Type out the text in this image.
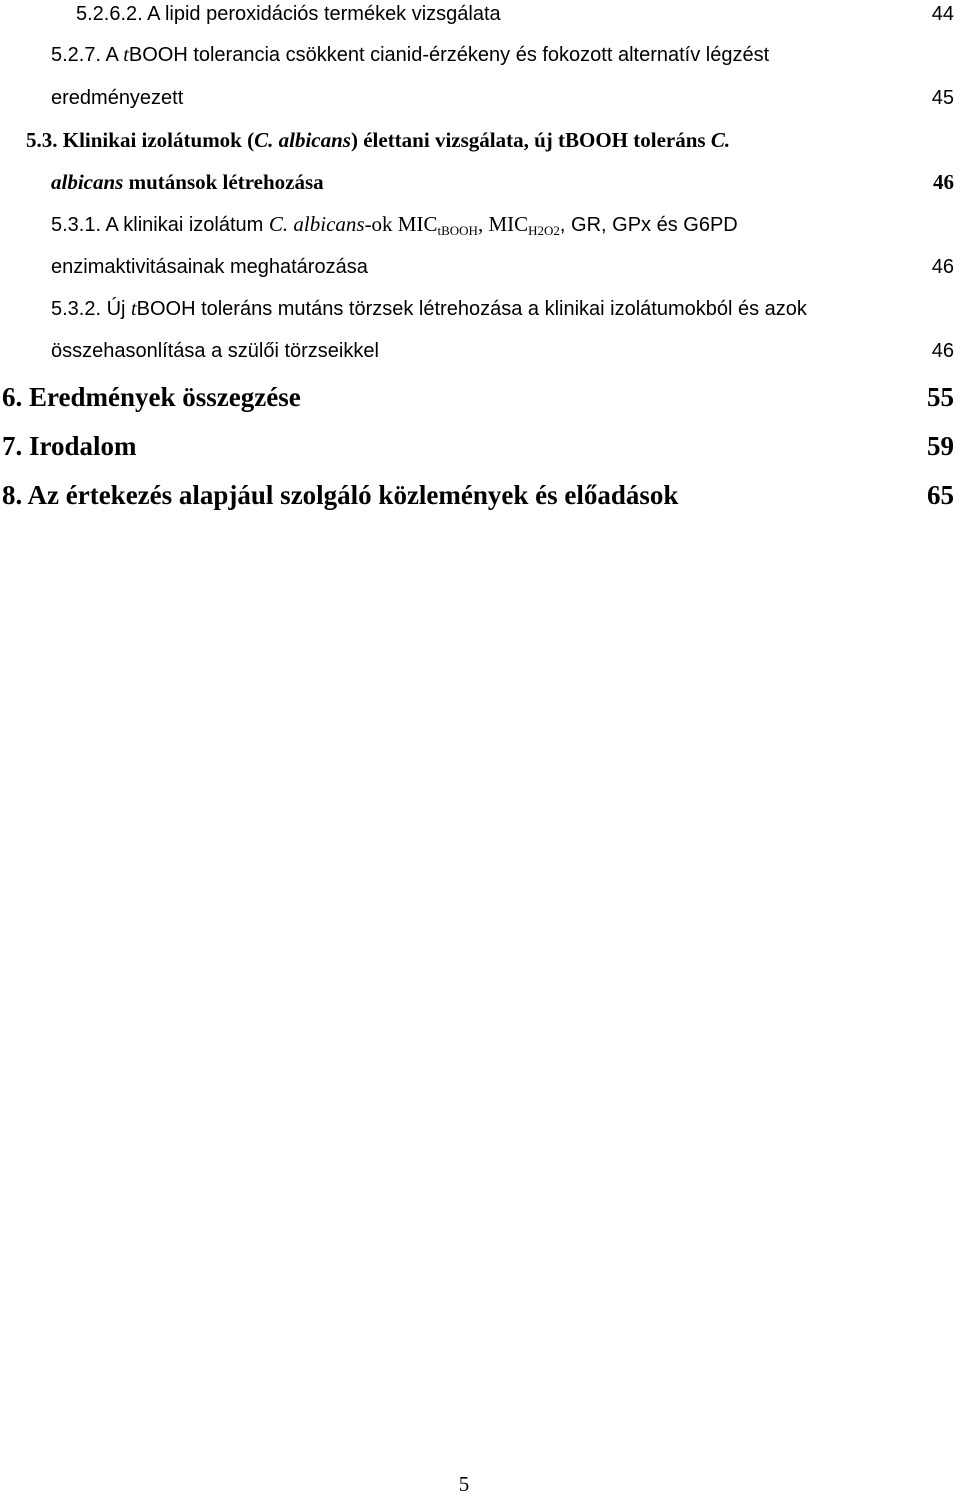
5.2.6.2. A lipid peroxidációs termékek vizsgálata	44
5.2.7. A tBOOH tolerancia csökkent cianid-érzékeny és fokozott alternatív légzést
eredményezett	45
5.3. Klinikai izolátumok (C. albicans) élettani vizsgálata, új tBOOH toleráns C.
albicans mutánsok létrehozása	46
5.3.1. A klinikai izolátum C. albicans-ok $MIC_{tBOOH}$, $MIC_{H2O2}$, GR, GPx és G6PD
enzimaktivitásainak meghatározása	46
5.3.2. Új tBOOH toleráns mutáns törzsek létrehozása a klinikai izolátumokból és azok
összehasonlítása a szülői törzseikkel	46
6. Eredmények összegzése	55
7. Irodalom	59
8. Az értekezés alapjául szolgáló közlemények és előadások	65
5
